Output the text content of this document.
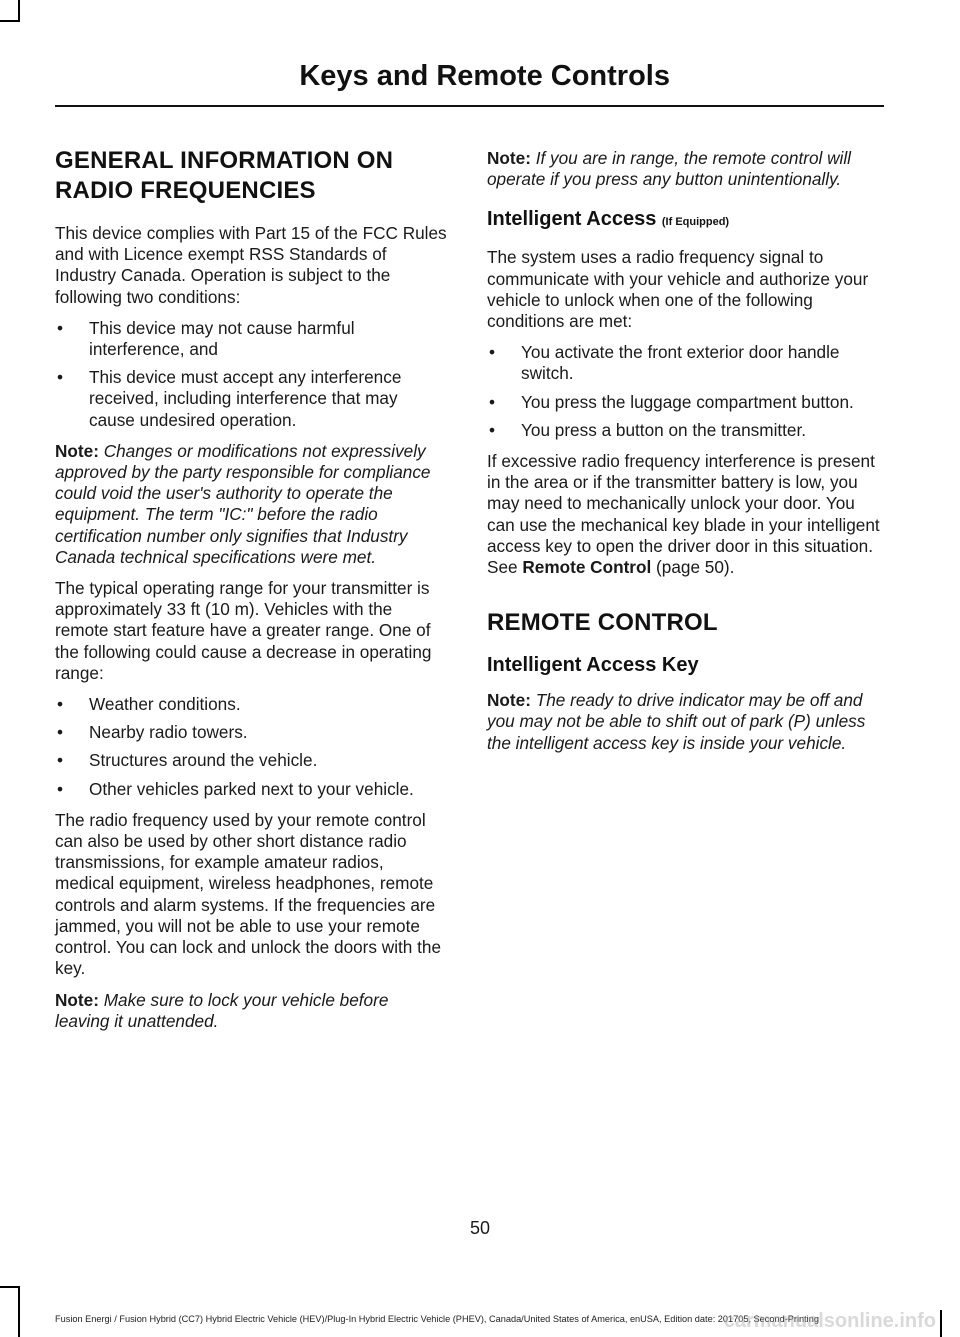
Keys and Remote Controls
GENERAL INFORMATION ON
RADIO FREQUENCIES

This device complies with Part 15 of the FCC Rules and with Licence exempt RSS Standards of Industry Canada. Operation is subject to the following two conditions:

• This device may not cause harmful interference, and
• This device must accept any interference received, including interference that may cause undesired operation.

Note: Changes or modifications not expressively approved by the party responsible for compliance could void the user's authority to operate the equipment. The term "IC:" before the radio certification number only signifies that Industry Canada technical specifications were met.

The typical operating range for your transmitter is approximately 33 ft (10 m). Vehicles with the remote start feature have a greater range. One of the following could cause a decrease in operating range:

• Weather conditions.
• Nearby radio towers.
• Structures around the vehicle.
• Other vehicles parked next to your vehicle.

The radio frequency used by your remote control can also be used by other short distance radio transmissions, for example amateur radios, medical equipment, wireless headphones, remote controls and alarm systems. If the frequencies are jammed, you will not be able to use your remote control. You can lock and unlock the doors with the key.

Note: Make sure to lock your vehicle before leaving it unattended.

Note: If you are in range, the remote control will operate if you press any button unintentionally.

Intelligent Access (If Equipped)

The system uses a radio frequency signal to communicate with your vehicle and authorize your vehicle to unlock when one of the following conditions are met:

• You activate the front exterior door handle switch.
• You press the luggage compartment button.
• You press a button on the transmitter.

If excessive radio frequency interference is present in the area or if the transmitter battery is low, you may need to mechanically unlock your door. You can use the mechanical key blade in your intelligent access key to open the driver door in this situation. See Remote Control (page 50).

REMOTE CONTROL
Intelligent Access Key

Note: The ready to drive indicator may be off and you may not be able to shift out of park (P) unless the intelligent access key is inside your vehicle.

50
Fusion Energi / Fusion Hybrid (CC7) Hybrid Electric Vehicle (HEV)/Plug-In Hybrid Electric Vehicle (PHEV), Canada/United States of America, enUSA, Edition date: 201705, Second-Printing
carmanualsonline.info
